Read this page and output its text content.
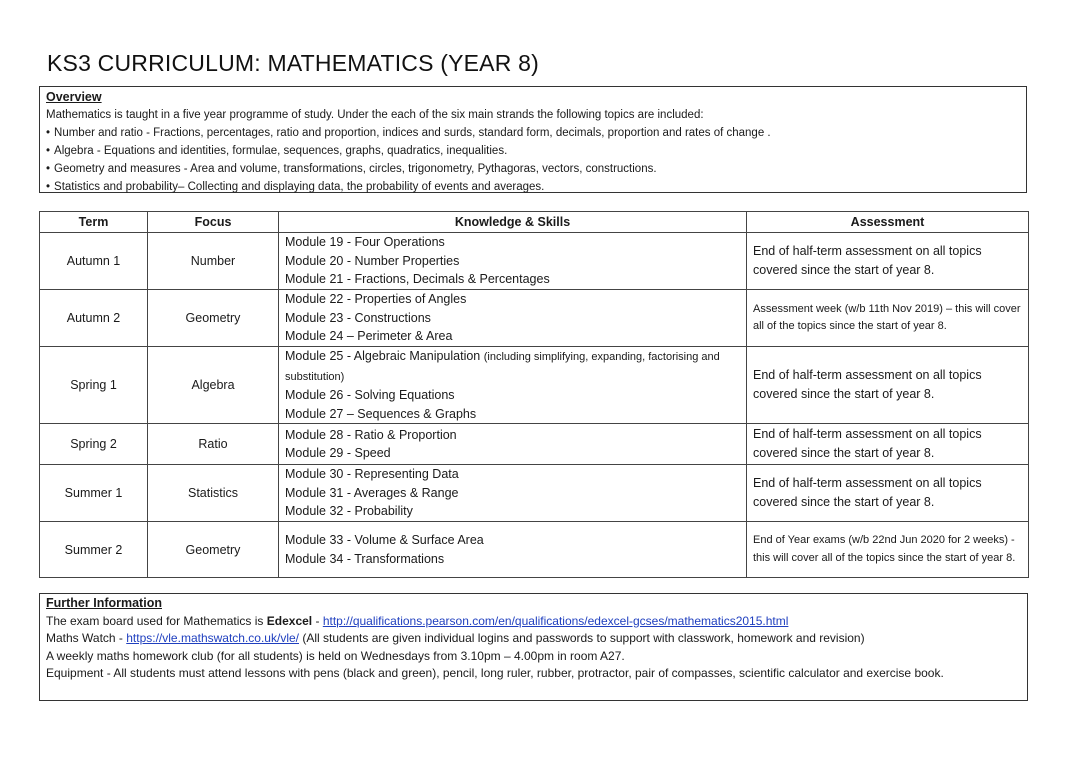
KS3 CURRICULUM: MATHEMATICS (YEAR 8)
Overview
Mathematics is taught in a five year programme of study. Under the each of the six main strands the following topics are included:
• Number and ratio - Fractions, percentages, ratio and proportion, indices and surds, standard form, decimals, proportion and rates of change .
• Algebra - Equations and identities, formulae, sequences, graphs, quadratics, inequalities.
• Geometry and measures - Area and volume, transformations, circles, trigonometry, Pythagoras, vectors, constructions.
• Statistics and probability– Collecting and displaying data, the probability of events and averages.
Term	Focus	Knowledge & Skills	Assessment
Autumn 1	Number	Module 19 - Four Operations
Module 20 - Number Properties
Module 21 - Fractions, Decimals & Percentages	End of half-term assessment on all topics covered since the start of year 8.
Autumn 2	Geometry	Module 22 - Properties of Angles
Module 23 - Constructions
Module 24 – Perimeter & Area	Assessment week (w/b 11th Nov 2019) – this will cover all of the topics since the start of year 8.
Spring 1	Algebra	Module 25 - Algebraic Manipulation (including simplifying, expanding, factorising and substitution)
Module 26 - Solving Equations
Module 27 – Sequences & Graphs	End of half-term assessment on all topics covered since the start of year 8.
Spring 2	Ratio	Module 28 - Ratio & Proportion
Module 29 - Speed	End of half-term assessment on all topics covered since the start of year 8.
Summer 1	Statistics	Module 30 - Representing Data
Module 31 - Averages & Range
Module 32 - Probability	End of half-term assessment on all topics covered since the start of year 8.
Summer 2	Geometry	Module 33 - Volume & Surface Area
Module 34 - Transformations	End of Year exams (w/b 22nd Jun 2020 for 2 weeks) - this will cover all of the topics since the start of year 8.
Further Information
The exam board used for Mathematics is Edexcel - http://qualifications.pearson.com/en/qualifications/edexcel-gcses/mathematics2015.html
Maths Watch - https://vle.mathswatch.co.uk/vle/ (All students are given individual logins and passwords to support with classwork, homework and revision)
A weekly maths homework club (for all students) is held on Wednesdays from 3.10pm – 4.00pm in room A27.
Equipment - All students must attend lessons with pens (black and green), pencil, long ruler, rubber, protractor, pair of compasses, scientific calculator and exercise book.
